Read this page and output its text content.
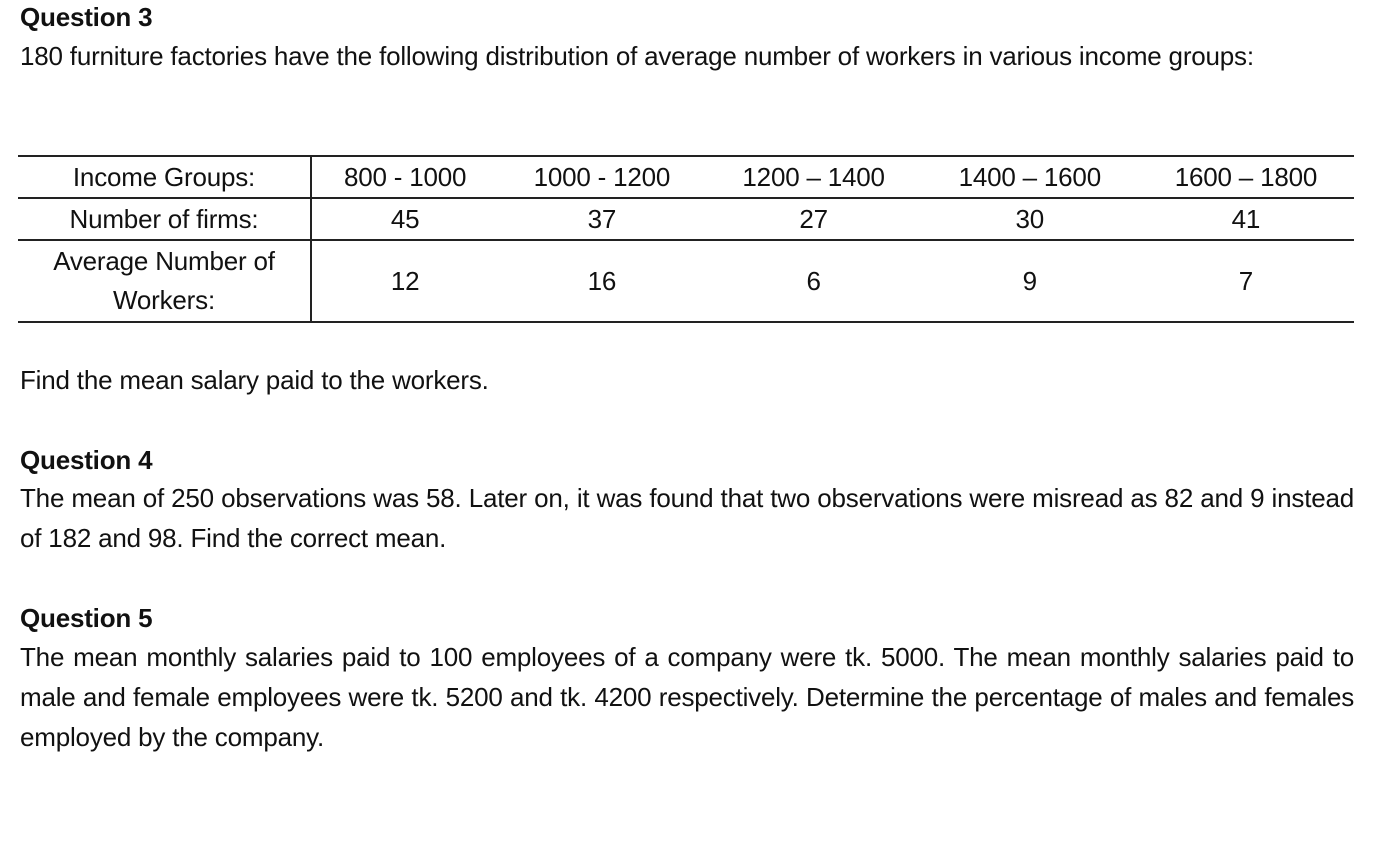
Question 3

180 furniture factories have the following distribution of average number of workers in various income groups:

Income Groups:	800 - 1000	1000 - 1200	1200 – 1400	1400 – 1600	1600 – 1800
Number of firms:	45	37	27	30	41
Average Number of Workers:	12	16	6	9	7

Find the mean salary paid to the workers.

Question 4

The mean of 250 observations was 58. Later on, it was found that two observations were misread as 82 and 9 instead of 182 and 98. Find the correct mean.

Question 5

The mean monthly salaries paid to 100 employees of a company were tk. 5000. The mean monthly salaries paid to male and female employees were tk. 5200 and tk. 4200 respectively. Determine the percentage of males and females employed by the company.
